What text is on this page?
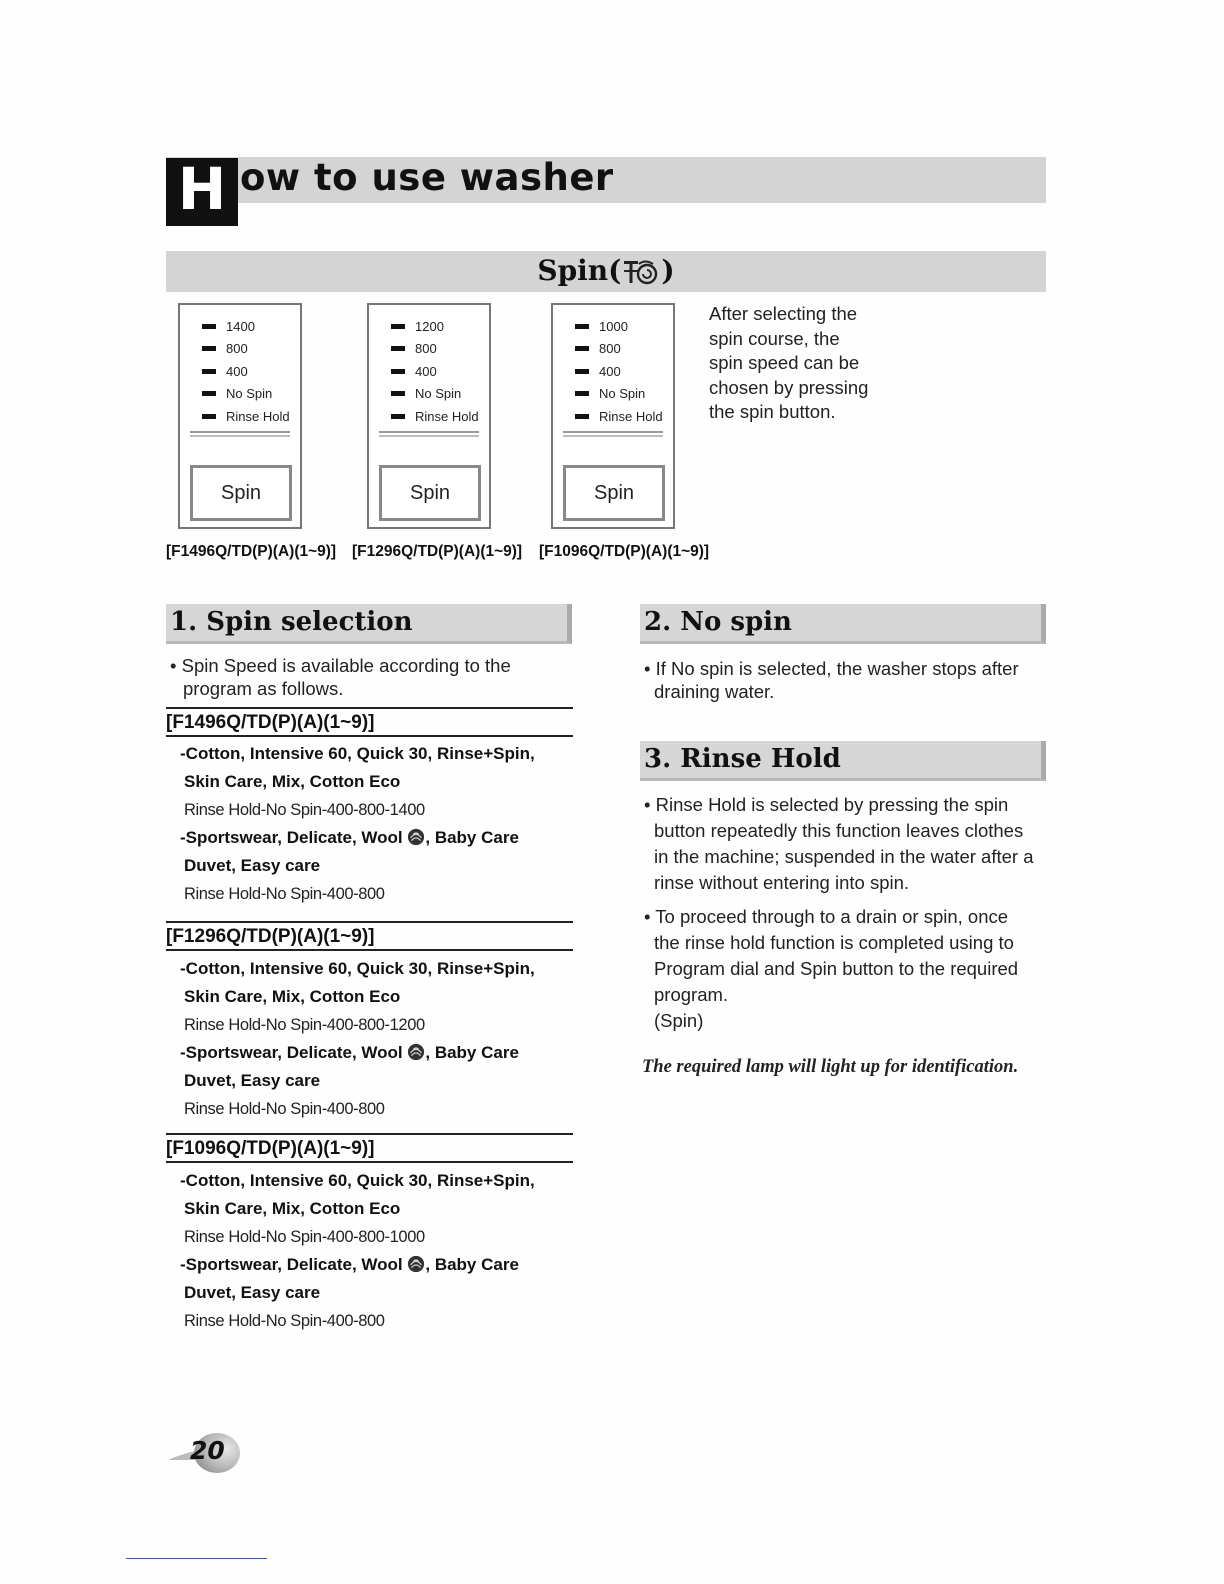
H ow to use washer
Spin( )
1400
800
400
No Spin
Rinse Hold
Spin
1200
800
400
No Spin
Rinse Hold
Spin
1000
800
400
No Spin
Rinse Hold
Spin
[F1496Q/TD(P)(A)(1~9)] [F1296Q/TD(P)(A)(1~9)] [F1096Q/TD(P)(A)(1~9)]
After selecting the
spin course, the
spin speed can be
chosen by pressing
the spin button.
1. Spin selection
• Spin Speed is available according to the
program as follows.
[F1496Q/TD(P)(A)(1~9)]
-Cotton, Intensive 60, Quick 30, Rinse+Spin,
Skin Care, Mix, Cotton Eco
Rinse Hold-No Spin-400-800-1400
-Sportswear, Delicate, Wool , Baby Care
Duvet, Easy care
Rinse Hold-No Spin-400-800
[F1296Q/TD(P)(A)(1~9)]
-Cotton, Intensive 60, Quick 30, Rinse+Spin,
Skin Care, Mix, Cotton Eco
Rinse Hold-No Spin-400-800-1200
-Sportswear, Delicate, Wool , Baby Care
Duvet, Easy care
Rinse Hold-No Spin-400-800
[F1096Q/TD(P)(A)(1~9)]
-Cotton, Intensive 60, Quick 30, Rinse+Spin,
Skin Care, Mix, Cotton Eco
Rinse Hold-No Spin-400-800-1000
-Sportswear, Delicate, Wool , Baby Care
Duvet, Easy care
Rinse Hold-No Spin-400-800
2. No spin
• If No spin is selected, the washer stops after
draining water.
3. Rinse Hold
• Rinse Hold is selected by pressing the spin
button repeatedly this function leaves clothes
in the machine; suspended in the water after a
rinse without entering into spin.
• To proceed through to a drain or spin, once
the rinse hold function is completed using to
Program dial and Spin button to the required
program.
(Spin)
The required lamp will light up for identification.
20
